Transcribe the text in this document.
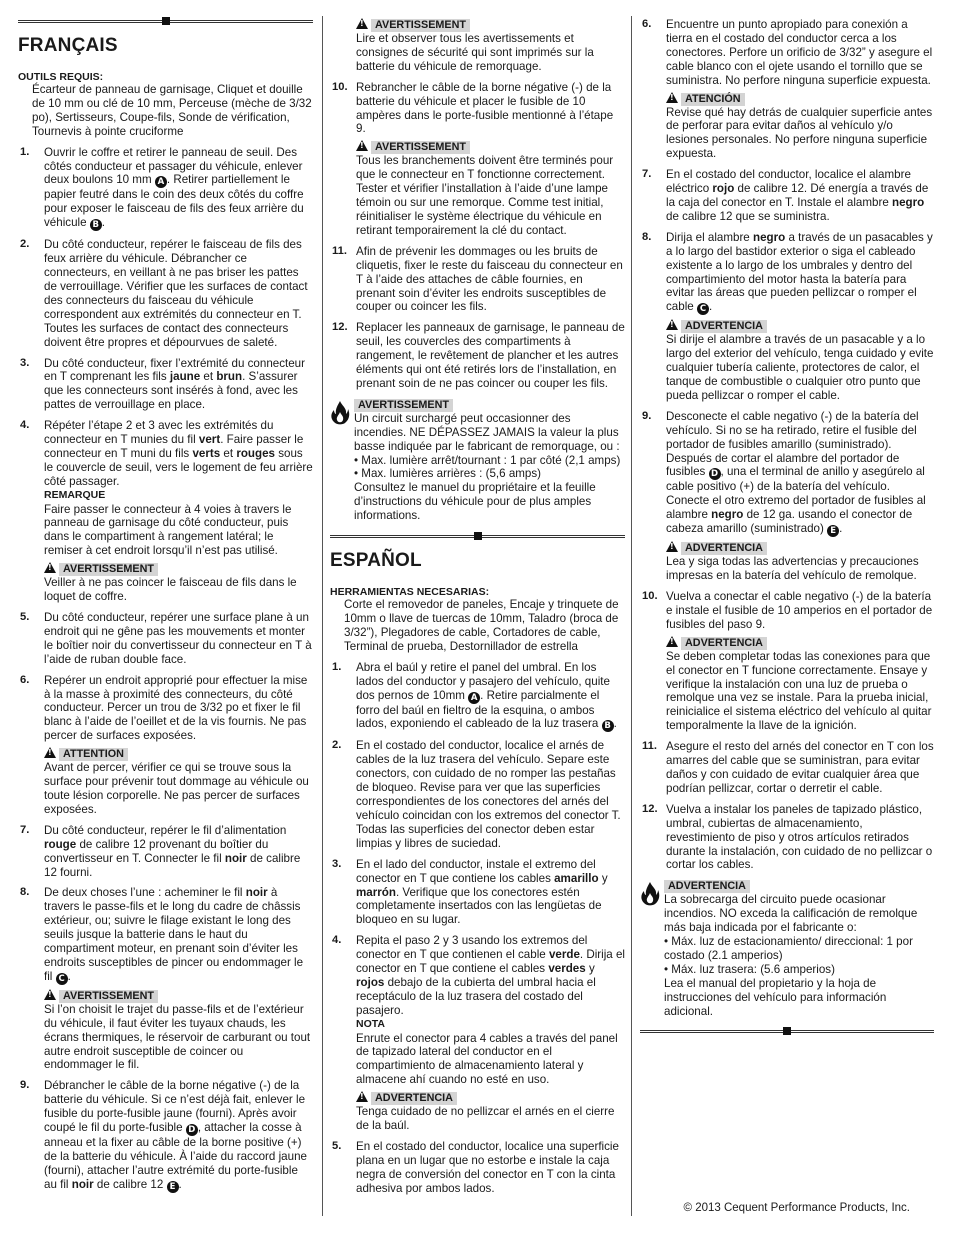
FRANÇAIS

OUTILS REQUIS:

Écarteur de panneau de garnisage, Cliquet et douille de 10 mm ou clé de 10 mm, Perceuse (mèche de 3/32 po), Sertisseurs, Coupe-fils, Sonde de vérification, Tournevis à pointe cruciforme

1. Ouvrir le coffre et retirer le panneau de seuil. Des côtés conducteur et passager du véhicule, enlever deux boulons 10 mm A . Retirer partiellement le papier feutré dans le coin des deux côtés du coffre pour exposer le faisceau de fils des feux arrière du véhicule B .

2. Du côté conducteur, repérer le faisceau de fils des feux arrière du véhicule. Débrancher ce connecteurs, en veillant à ne pas briser les pattes de verrouillage. Vérifier que les surfaces de contact des connecteurs du faisceau du véhicule correspondent aux extrémités du connecteur en T. Toutes les surfaces de contact des connecteurs doivent être propres et dépourvues de saleté.

3. Du côté conducteur, fixer l’extrémité du connecteur en T comprenant les fils jaune et brun. S’assurer que les connecteurs sont insérés à fond, avec les pattes de verrouillage en place.

4. Répéter l’étape 2 et 3 avec les extrémités du connecteur en T munies du fil vert. Faire passer le connecteur en T muni du fils verts et rouges sous le couvercle de seuil, vers le logement de feu arrière côté passager.

REMARQUE

Faire passer le connecteur à 4 voies à travers le panneau de garnisage du côté conducteur, puis dans le compartiment à rangement latéral; le remiser à cet endroit lorsqu’il n’est pas utilisé.

!AVERTISSEMENT

Veiller à ne pas coincer le faisceau de fils dans le loquet de coffre.

5. Du côté conducteur, repérer une surface plane à un endroit qui ne gêne pas les mouvements et monter le boîtier noir du convertisseur du connecteur en T à l’aide de ruban double face.

6. Repérer un endroit approprié pour effectuer la mise à la masse à proximité des connecteurs, du côté conducteur. Percer un trou de 3/32 po et fixer le fil blanc à l’aide de l’oeillet et de la vis fournis. Ne pas percer de surfaces exposées.

!ATTENTION

Avant de percer, vérifier ce qui se trouve sous la surface pour prévenir tout dommage au véhicule ou toute lésion corporelle. Ne pas percer de surfaces exposées.

7. Du côté conducteur, repérer le fil d’alimentation rouge de calibre 12 provenant du boîtier du convertisseur en T. Connecter le fil noir de calibre 12 fourni.

8. De deux choses l’une : acheminer le fil noir à travers le passe-fils et le long du cadre de châssis extérieur, ou; suivre le filage existant le long des seuils jusque la batterie dans le haut du compartiment moteur, en prenant soin d’éviter les endroits susceptibles de pincer ou endommager le fil C .

!AVERTISSEMENT

Si l’on choisit le trajet du passe-fils et de l’extérieur du véhicule, il faut éviter les tuyaux chauds, les écrans thermiques, le réservoir de carburant ou tout autre endroit susceptible de coincer ou endommager le fil.

9. Débrancher le câble de la borne négative (-) de la batterie du véhicule. Si ce n’est déjà fait, enlever le fusible du porte-fusible jaune (fourni). Après avoir coupé le fil du porte-fusible D , attacher la cosse à anneau et la fixer au câble de la borne positive (+) de la batterie du véhicule. À l’aide du raccord jaune (fourni), attacher l’autre extrémité du porte-fusible au fil noir de calibre 12 E .

!AVERTISSEMENT

Lire et observer tous les avertissements et consignes de sécurité qui sont imprimés sur la batterie du véhicule de remorquage.

10. Rebrancher le câble de la borne négative (-) de la batterie du véhicule et placer le fusible de 10 ampères dans le porte-fusible mentionné à l’étape 9.

!AVERTISSEMENT

Tous les branchements doivent être terminés pour que le connecteur en T fonctionne correctement. Tester et vérifier l’installation à l’aide d’une lampe témoin ou sur une remorque. Comme test initial, réinitialiser le système électrique du véhicule en retirant temporairement la clé du contact.

11. Afin de prévenir les dommages ou les bruits de cliquetis, fixer le reste du faisceau du connecteur en T à l’aide des attaches de câble fournies, en prenant soin d’éviter les endroits susceptibles de couper ou coincer les fils.

12. Replacer les panneaux de garnisage, le panneau de seuil, les couvercles des compartiments à rangement, le revêtement de plancher et les autres éléments qui ont été retirés lors de l’installation, en prenant soin de ne pas coincer ou couper les fils.

AVERTISSEMENT

Un circuit surchargé peut occasionner des incendies. NE DÉPASSEZ JAMAIS la valeur la plus basse indiquée par le fabricant de remorquage, ou :

• Max. lumière arrêt/tournant : 1 par côté (2,1 amps)

• Max. lumières arrières : (5,6 amps)

Consultez le manuel du propriétaire et la feuille d’instructions du véhicule pour de plus amples informations.

ESPAÑOL

HERRAMIENTAS NECESARIAS:

Corte el removedor de paneles, Encaje y trinquete de 10mm o llave de tuercas de 10mm, Taladro (broca de 3/32”), Plegadores de cable, Cortadores de cable, Terminal de prueba, Destornillador de estrella

1. Abra el baúl y retire el panel del umbral. En los lados del conductor y pasajero del vehículo, quite dos pernos de 10mm A . Retire parcialmente el forro del baúl en fieltro de la esquina, o ambos lados, exponiendo el cableado de la luz trasera B .

2. En el costado del conductor, localice el arnés de cables de la luz trasera del vehículo. Separe este conectors, con cuidado de no romper las pestañas de bloqueo. Revise para ver que las superficies correspondientes de los conectores del arnés del vehículo coincidan con los extremos del conector T. Todas las superficies del conector deben estar limpias y libres de suciedad.

3. En el lado del conductor, instale el extremo del conector en T que contiene los cables amarillo y marrón. Verifique que los conectores estén completamente insertados con las lengüetas de bloqueo en su lugar.

4. Repita el paso 2 y 3 usando los extremos del conector en T que contienen el cable verde. Dirija el conector en T que contiene el cables verdes y rojos debajo de la cubierta del umbral hacia el receptáculo de la luz trasera del costado del pasajero.

NOTA

Enrute el conector para 4 cables a través del panel de tapizado lateral del conductor en el compartimiento de almacenamiento lateral y almacene ahí cuando no esté en uso.

!ADVERTENCIA

Tenga cuidado de no pellizcar el arnés en el cierre de la baúl.

5. En el costado del conductor, localice una superficie plana en un lugar que no estorbe e instale la caja negra de conversión del conector en T con la cinta adhesiva por ambos lados.

6. Encuentre un punto apropiado para conexión a tierra en el costado del conductor cerca a los conectores. Perfore un orificio de 3/32” y asegure el cable blanco con el ojete usando el tornillo que se suministra. No perfore ninguna superficie expuesta.

!ATENCIÓN

Revise qué hay detrás de cualquier superficie antes de perforar para evitar daños al vehículo y/o lesiones personales. No perfore ninguna superficie expuesta.

7. En el costado del conductor, localice el alambre eléctrico rojo de calibre 12. Dé energía a través de la caja del conector en T. Instale el alambre negro de calibre 12 que se suministra.

8. Dirija el alambre negro a través de un pasacables y a lo largo del bastidor exterior o siga el cableado existente a lo largo de los umbrales y dentro del compartimiento del motor hasta la batería para evitar las áreas que pueden pellizcar o romper el cable C .

!ADVERTENCIA

Si dirije el alambre a través de un pasacable y a lo largo del exterior del vehículo, tenga cuidado y evite cualquier tubería caliente, protectores de calor, el tanque de combustible o cualquier otro punto que pueda pellizcar o romper el cable.

9. Desconecte el cable negativo (-) de la batería del vehículo. Si no se ha retirado, retire el fusible del portador de fusibles amarillo (suministrado). Después de cortar el alambre del portador de fusibles D , una el terminal de anillo y asegúrelo al cable positivo (+) de la batería del vehículo. Conecte el otro extremo del portador de fusibles al alambre negro de 12 ga. usando el conector de cabeza amarillo (suministrado) E .

!ADVERTENCIA

Lea y siga todas las advertencias y precauciones impresas en la batería del vehículo de remolque.

10. Vuelva a conectar el cable negativo (-) de la batería e instale el fusible de 10 amperios en el portador de fusibles del paso 9.

!ADVERTENCIA

Se deben completar todas las conexiones para que el conector en T funcione correctamente. Ensaye y verifique la instalación con una luz de prueba o remolque una vez se instale. Para la prueba inicial, reinicialice el sistema eléctrico del vehículo al quitar temporalmente la llave de la ignición.

11. Asegure el resto del arnés del conector en T con los amarres del cable que se suministran, para evitar daños y con cuidado de evitar cualquier área que podrían pellizcar, cortar o derretir el cable.

12. Vuelva a instalar los paneles de tapizado plástico, umbral, cubiertas de almacenamiento, revestimiento de piso y otros artículos retirados durante la instalación, con cuidado de no pellizcar o cortar los cables.

ADVERTENCIA

La sobrecarga del circuito puede ocasionar incendios. NO exceda la calificación de remolque más baja indicada por el fabricante o:

• Máx. luz de estacionamiento/ direccional: 1 por costado (2.1 amperios)

• Máx. luz trasera: (5.6 amperios)

Lea el manual del propietario y la hoja de instrucciones del vehículo para información adicional.

© 2013 Cequent Performance Products, Inc.
